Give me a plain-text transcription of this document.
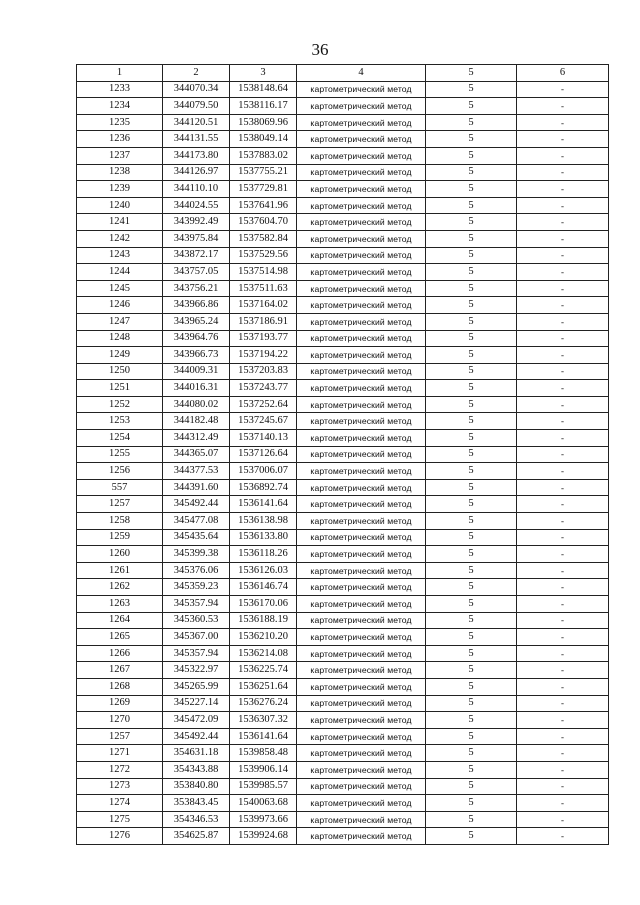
36
1	2	3	4	5	6
1233	344070.34	1538148.64	картометрический метод	5	-
1234	344079.50	1538116.17	картометрический метод	5	-
1235	344120.51	1538069.96	картометрический метод	5	-
1236	344131.55	1538049.14	картометрический метод	5	-
1237	344173.80	1537883.02	картометрический метод	5	-
1238	344126.97	1537755.21	картометрический метод	5	-
1239	344110.10	1537729.81	картометрический метод	5	-
1240	344024.55	1537641.96	картометрический метод	5	-
1241	343992.49	1537604.70	картометрический метод	5	-
1242	343975.84	1537582.84	картометрический метод	5	-
1243	343872.17	1537529.56	картометрический метод	5	-
1244	343757.05	1537514.98	картометрический метод	5	-
1245	343756.21	1537511.63	картометрический метод	5	-
1246	343966.86	1537164.02	картометрический метод	5	-
1247	343965.24	1537186.91	картометрический метод	5	-
1248	343964.76	1537193.77	картометрический метод	5	-
1249	343966.73	1537194.22	картометрический метод	5	-
1250	344009.31	1537203.83	картометрический метод	5	-
1251	344016.31	1537243.77	картометрический метод	5	-
1252	344080.02	1537252.64	картометрический метод	5	-
1253	344182.48	1537245.67	картометрический метод	5	-
1254	344312.49	1537140.13	картометрический метод	5	-
1255	344365.07	1537126.64	картометрический метод	5	-
1256	344377.53	1537006.07	картометрический метод	5	-
557	344391.60	1536892.74	картометрический метод	5	-
1257	345492.44	1536141.64	картометрический метод	5	-
1258	345477.08	1536138.98	картометрический метод	5	-
1259	345435.64	1536133.80	картометрический метод	5	-
1260	345399.38	1536118.26	картометрический метод	5	-
1261	345376.06	1536126.03	картометрический метод	5	-
1262	345359.23	1536146.74	картометрический метод	5	-
1263	345357.94	1536170.06	картометрический метод	5	-
1264	345360.53	1536188.19	картометрический метод	5	-
1265	345367.00	1536210.20	картометрический метод	5	-
1266	345357.94	1536214.08	картометрический метод	5	-
1267	345322.97	1536225.74	картометрический метод	5	-
1268	345265.99	1536251.64	картометрический метод	5	-
1269	345227.14	1536276.24	картометрический метод	5	-
1270	345472.09	1536307.32	картометрический метод	5	-
1257	345492.44	1536141.64	картометрический метод	5	-
1271	354631.18	1539858.48	картометрический метод	5	-
1272	354343.88	1539906.14	картометрический метод	5	-
1273	353840.80	1539985.57	картометрический метод	5	-
1274	353843.45	1540063.68	картометрический метод	5	-
1275	354346.53	1539973.66	картометрический метод	5	-
1276	354625.87	1539924.68	картометрический метод	5	-
